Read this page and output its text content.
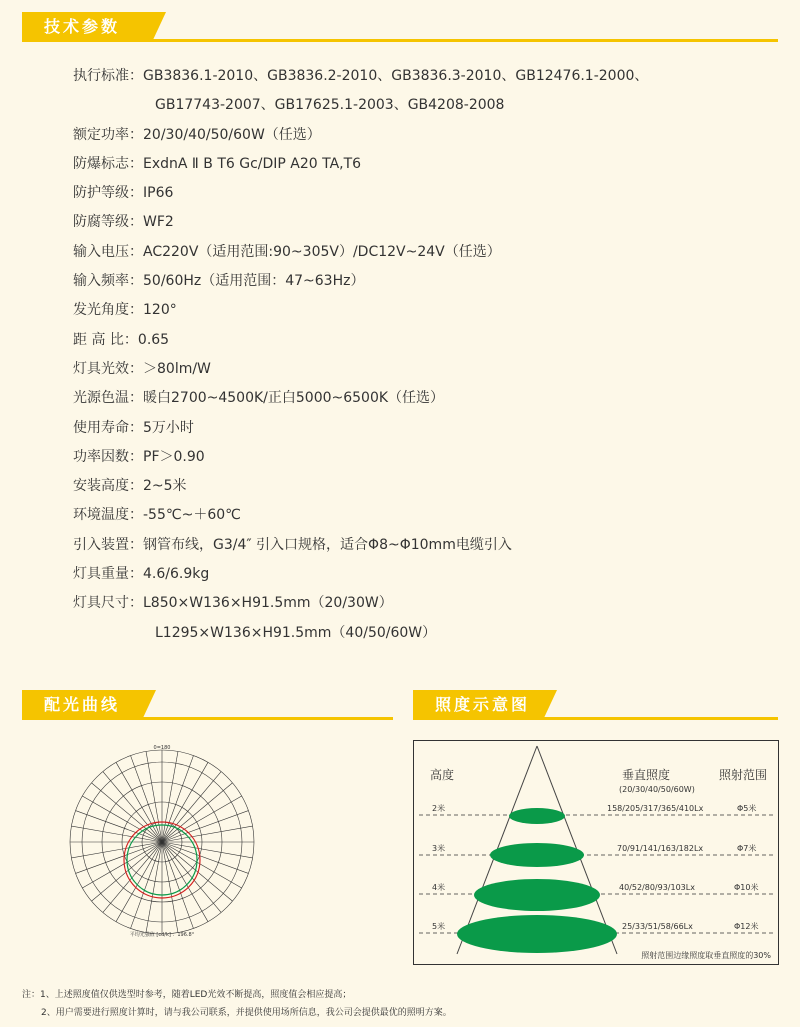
技术参数
执行标准：GB3836.1-2010、GB3836.2-2010、GB3836.3-2010、GB12476.1-2000、
GB17743-2007、GB17625.1-2003、GB4208-2008
额定功率：20/30/40/50/60W（任选）
防爆标志：ExdnA Ⅱ B T6 Gc/DIP A20 TA,T6
防护等级：IP66
防腐等级：WF2
输入电压：AC220V（适用范围:90~305V）/DC12V~24V（任选）
输入频率：50/60Hz（适用范围：47~63Hz）
发光角度：120°
距 高 比：0.65
灯具光效：＞80lm/W
光源色温：暖白2700~4500K/正白5000~6500K（任选）
使用寿命：5万小时
功率因数：PF＞0.90
安装高度：2~5米
环境温度：-55℃~＋60℃
引入装置：钢管布线，G3/4″ 引入口规格，适合Φ8~Φ10mm电缆引入
灯具重量：4.6/6.9kg
灯具尺寸：L850×W136×H91.5mm（20/30W）
L1295×W136×H91.5mm（40/50/60W）
配光曲线	照度示意图
0=180
平均光强值 [cd/k] ：196.8°
高度	垂直照度
(20/30/40/50/60W)
照射范围
2米	158/205/317/365/410Lx	Φ5米
3米	70/91/141/163/182Lx	Φ7米
4米	40/52/80/93/103Lx	Φ10米
5米	25/33/51/58/66Lx	Φ12米
照射范围边缘照度取垂直照度的30%
注：1、上述照度值仅供选型时参考，随着LED光效不断提高，照度值会相应提高；
2、用户需要进行照度计算时，请与我公司联系，并提供使用场所信息，我公司会提供最优的照明方案。
